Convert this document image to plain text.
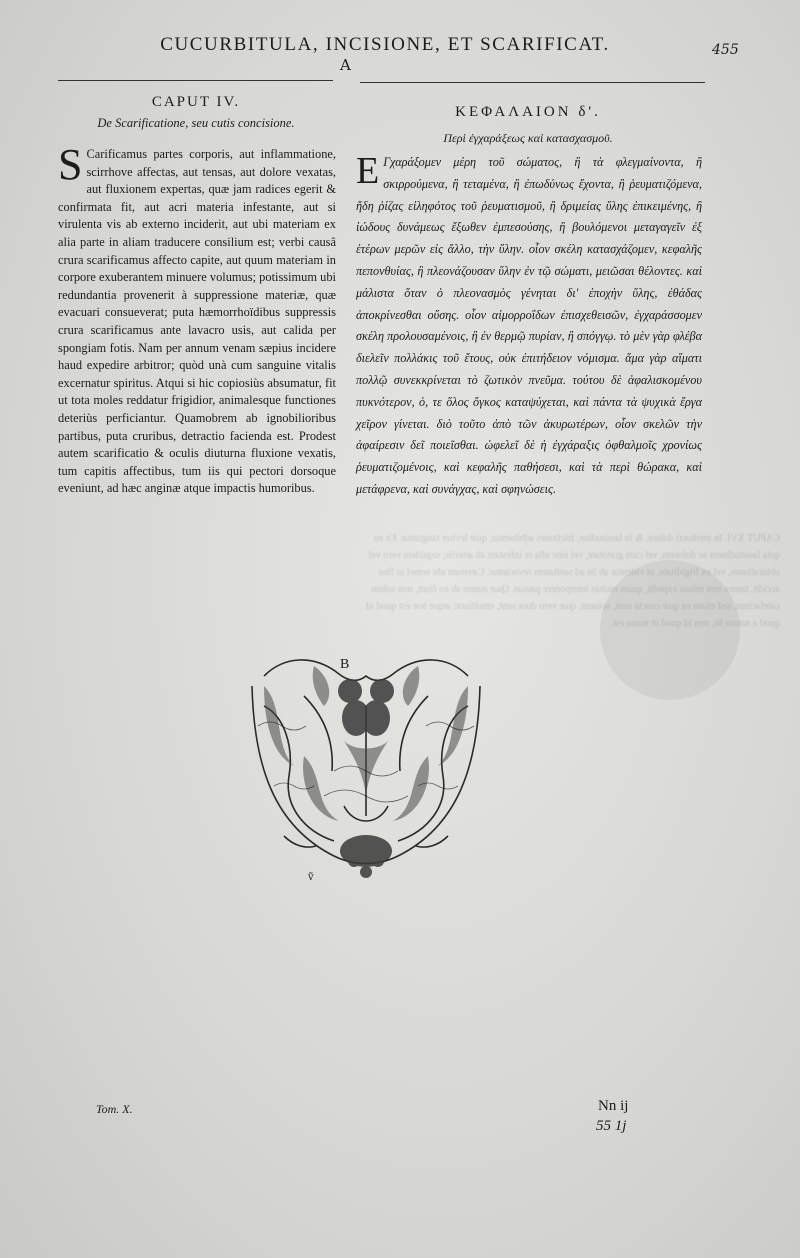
CAPUT XVI. In mediocri dolore, & in lassitudine, frictiones adhibentur, quæ leviter tanguntur. Ex eo quia lassitudinem ac dolorem, vel cum gravitate, vel sine ulla re infestant ab arteriis; siquidem vero vel obturationes, vel ex frigiditate, ut videntur ab iis ad sanitatem revocantur. Cæterum ubi semel in fine accidit, tamen non minus expedit, quam multas interponere pausas. Quæ autem ab eo fiunt, non solum calefaciunt, sed etiam ea quæ coacta sunt, soluunt, quæ vero dura sunt, emolliunt; atque hoc est quod id quod a natura fit, non id quod in manu est.
CUCURBITULA, INCISIONE, ET SCARIFICAT.	455
A

CAPUT IV.

De Scarificatione, seu cutis concisione.

S Carificamus partes corporis, aut inflammatione, scirrhove affectas, aut tensas, aut dolore vexatas, aut fluxionem expertas, quæ jam radices egerit & confirmata fit, aut acri materia infestante, aut si virulenta vis ab externo inciderit, aut ubi materiam ex alia parte in aliam traducere consilium est; verbi causâ crura scarificamus affecto capite, aut quum materiam in corpore exuberantem minuere volumus; potissimum ubi redundantia provenerit à suppressione materiæ, quæ evacuari consueverat; puta hæmorrhoïdibus suppressis crura scarificamus ante lavacro usis, aut calida per spongiam fotis. Nam per annum venam sæpius incidere haud expedire arbitror; quòd unà cum sanguine vitalis excernatur spiritus. Atqui si hic copiosiùs absumatur, fit ut tota moles reddatur frigidior, animalesque functiones deteriùs perficiantur. Quamobrem ab ignobilioribus partibus, puta cruribus, detractio facienda est. Prodest autem scarificatio & oculis diuturna fluxione vexatis, tum capitis affectibus, tum iis qui pectori dorsoque eveniunt, ad hæc anginæ atque impactis humoribus.

ΚΕΦΑΛΑΙΟΝ δ'.

Περὶ ἐγχαράξεως καὶ κατασχασμοῦ.

Ε Γχαράξομεν μέρη τοῦ σώματος, ἢ τὰ φλεγμαίνοντα, ἢ σκιρρούμενα, ἢ τεταμένα, ἢ ἐπωδύνως ἔχοντα, ἢ ῥευματιζόμενα, ἤδη ῥίζας εἰληφότος τοῦ ῥευματισμοῦ, ἢ δριμείας ὕλης ἐπικειμένης, ἢ ἰώδους δυνάμεως ἔξωθεν ἐμπεσούσης, ἢ βουλόμενοι μεταγαγεῖν ἐξ ἑτέρων μερῶν εἰς ἄλλο, τὴν ὕλην. οἷον σκέλη κατασχάζομεν, κεφαλῆς πεπονθυίας, ἢ πλεονάζουσαν ὕλην ἐν τῷ σώματι, μειῶσαι θέλοντες. καὶ μάλιστα ὅταν ὁ πλεονασμὸς γένηται δι' ἐποχὴν ὕλης, ἐθάδας ἀποκρίνεσθαι οὔσης. οἷον αἱμορροΐδων ἐπισχεθεισῶν, ἐγχαράσσομεν σκέλη προλουσαμένοις, ἢ ἐν θερμῷ πυρίαν, ἢ σπόγγῳ. τὸ μὲν γὰρ φλέβα διελεῖν πολλάκις τοῦ ἔτους, οὐκ ἐπιτήδειον νόμισμα. ἅμα γὰρ αἵματι πολλῷ συνεκκρίνεται τὸ ζωτικὸν πνεῦμα. τούτου δὲ ἀφαλισκομένου πυκνότερον, ὁ, τε ὅλος ὄγκος καταψύχεται, καὶ πάντα τὰ ψυχικὰ ἔργα χεῖρον γίνεται. διὸ τοῦτο ἀπὸ τῶν ἀκυρωτέρων, οἷον σκελῶν τὴν ἀφαίρεσιν δεῖ ποιεῖσθαι. ὠφελεῖ δὲ ἡ ἐγχάραξις ὀφθαλμοῖς χρονίως ῥευματιζομένοις, καὶ κεφαλῆς παθήσεσι, καὶ τὰ περὶ θώρακα, καὶ μετάφρενα, καὶ συνάγχας, καὶ σφηνώσεις.
B
ṽ
Tom. X.	Nn ij
55 1j
